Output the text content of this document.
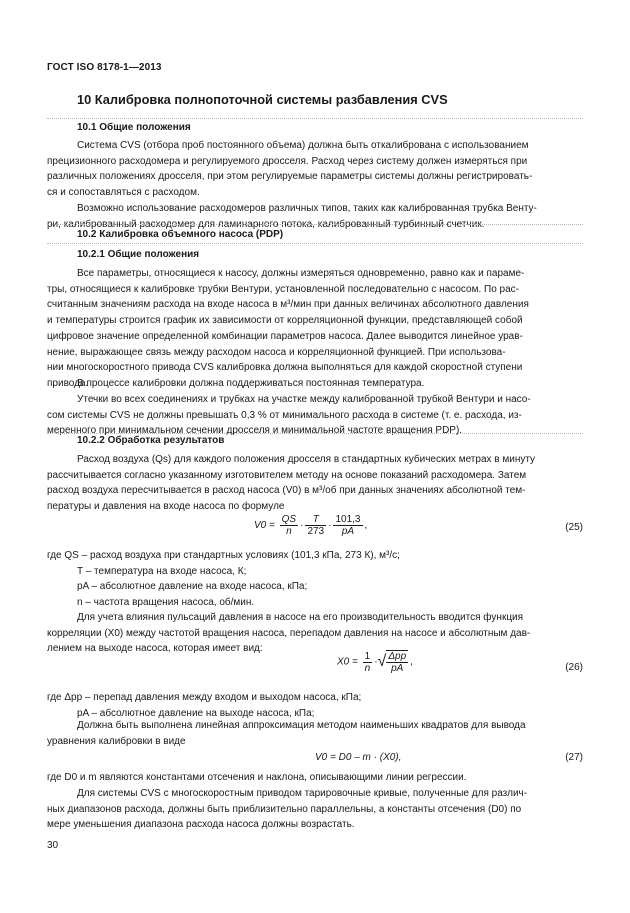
ГОСТ ISO 8178-1—2013
10 Калибровка полнопоточной системы разбавления CVS
10.1 Общие положения
Система CVS (отбора проб постоянного объема) должна быть откалибрована с использованием
прецизионного расходомера и регулируемого дросселя. Расход через систему должен измеряться при
различных положениях дросселя, при этом регулируемые параметры системы должны регистрировать-
ся и сопоставляться с расходом.
Возможно использование расходомеров различных типов, таких как калиброванная трубка Венту-
ри, калиброванный расходомер для ламинарного потока, калиброванный турбинный счетчик.
10.2 Калибровка объемного насоса (PDP)
10.2.1 Общие положения
Все параметры, относящиеся к насосу, должны измеряться одновременно, равно как и параме-
тры, относящиеся к калибровке трубки Вентури, установленной последовательно с насосом. По рас-
считанным значениям расхода на входе насоса в м³/мин при данных величинах абсолютного давления
и температуры строится график их зависимости от корреляционной функции, представляющей собой
цифровое значение определенной комбинации параметров насоса. Далее выводится линейное урав-
нение, выражающее связь между расходом насоса и корреляционной функцией. При использова-
нии многоскоростного привода CVS калибровка должна выполняться для каждой скоростной ступени
привода.
В процессе калибровки должна поддерживаться постоянная температура.
Утечки во всех соединениях и трубках на участке между калиброванной трубкой Вентури и насо-
сом системы CVS не должны превышать 0,3 % от минимального расхода в системе (т. е. расхода, из-
меренного при минимальном сечении дросселя и минимальной частоте вращения PDP).
10.2.2 Обработка результатов
Расход воздуха (Qs) для каждого положения дросселя в стандартных кубических метрах в минуту
рассчитывается согласно указанному изготовителем методу на основе показаний расходомера. Затем
расход воздуха пересчитывается в расход насоса (V0) в м³/об при данных значениях абсолютной тем-
пературы и давления на входе насоса по формуле
$V0 = \frac{QS}{n} \cdot \frac{T}{273} \cdot \frac{101,3}{pA}$ ,	(25)
где QS – расход воздуха при стандартных условиях (101,3 кПа, 273 К), м³/с;
T – температура на входе насоса, К;
pA – абсолютное давление на входе насоса, кПа;
n – частота вращения насоса, об/мин.
Для учета влияния пульсаций давления в насосе на его производительность вводится функция
корреляции (X0) между частотой вращения насоса, перепадом давления на насосе и абсолютным дав-
лением на выходе насоса, которая имеет вид:
$X0 = \frac{1}{n}$ ·√ $\frac{\text{Δpp}}{pA}$ ,	(26)
где Δpp – перепад давления между входом и выходом насоса, кПа;
pA – абсолютное давление на выходе насоса, кПа;
Должна быть выполнена линейная аппроксимация методом наименьших квадратов для вывода
уравнения калибровки в виде
V0 = D0 – m · (X0),	(27)
где D0 и m являются константами отсечения и наклона, описывающими линии регрессии.
Для системы CVS с многоскоростным приводом тарировочные кривые, полученные для различ-
ных диапазонов расхода, должны быть приблизительно параллельны, а константы отсечения (D0) по
мере уменьшения диапазона расхода насоса должны возрастать.
30
